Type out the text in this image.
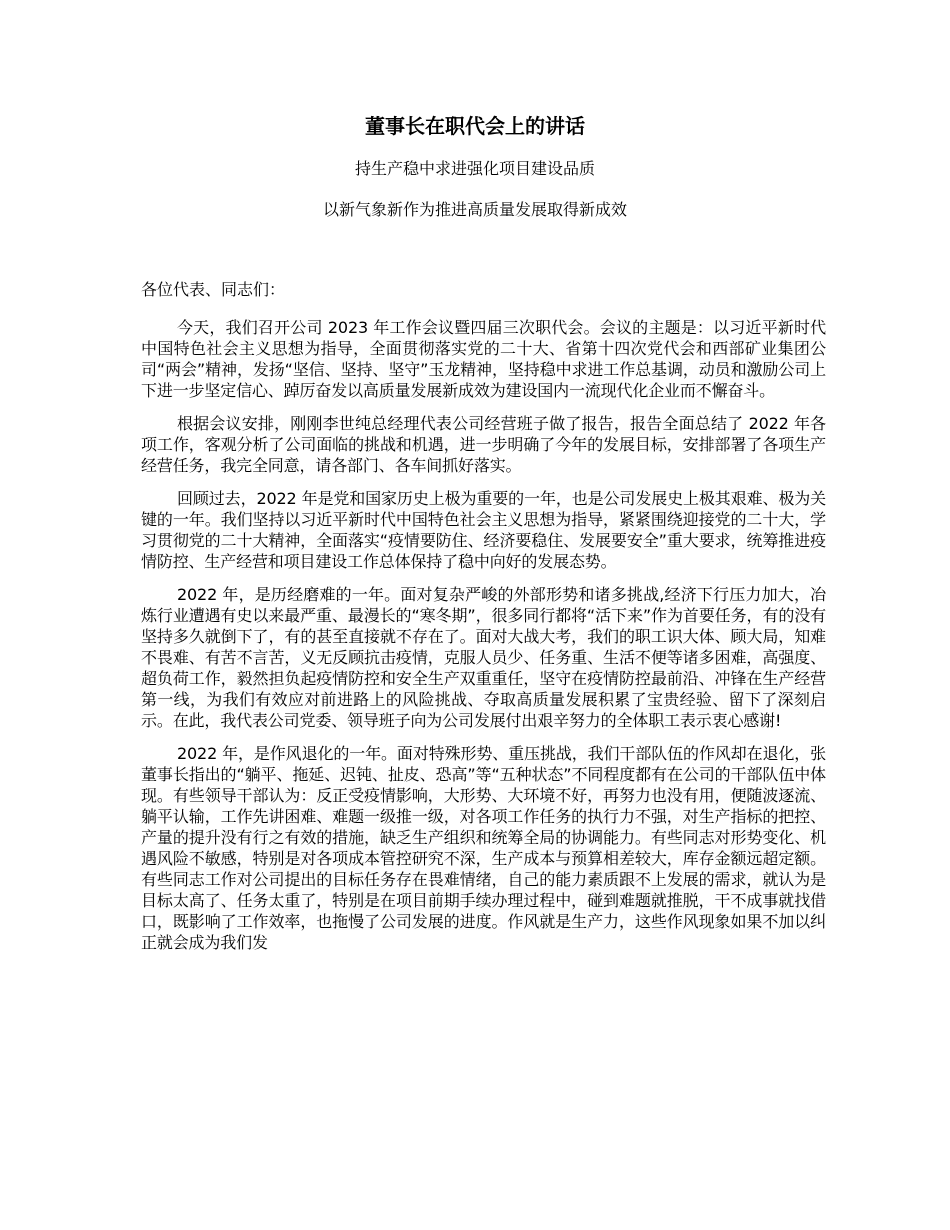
董事长在职代会上的讲话

持生产稳中求进强化项目建设品质

以新气象新作为推进高质量发展取得新成效

各位代表、同志们：

今天，我们召开公司 2023 年工作会议暨四届三次职代会。会议的主题是：以习近平新时代中国特色社会主义思想为指导，全面贯彻落实党的二十大、省第十四次党代会和西部矿业集团公司“两会”精神，发扬“坚信、坚持、坚守”玉龙精神，坚持稳中求进工作总基调，动员和激励公司上下进一步坚定信心、踔厉奋发以高质量发展新成效为建设国内一流现代化企业而不懈奋斗。

根据会议安排，刚刚李世纯总经理代表公司经营班子做了报告，报告全面总结了 2022 年各项工作，客观分析了公司面临的挑战和机遇，进一步明确了今年的发展目标，安排部署了各项生产经营任务，我完全同意，请各部门、各车间抓好落实。

回顾过去，2022 年是党和国家历史上极为重要的一年，也是公司发展史上极其艰难、极为关键的一年。我们坚持以习近平新时代中国特色社会主义思想为指导，紧紧围绕迎接党的二十大，学习贯彻党的二十大精神，全面落实“疫情要防住、经济要稳住、发展要安全”重大要求，统筹推进疫情防控、生产经营和项目建设工作总体保持了稳中向好的发展态势。

2022 年，是历经磨难的一年。面对复杂严峻的外部形势和诸多挑战,经济下行压力加大，冶炼行业遭遇有史以来最严重、最漫长的“寒冬期”，很多同行都将“活下来”作为首要任务，有的没有坚持多久就倒下了，有的甚至直接就不存在了。面对大战大考，我们的职工识大体、顾大局，知难不畏难、有苦不言苦，义无反顾抗击疫情，克服人员少、任务重、生活不便等诸多困难，高强度、超负荷工作，毅然担负起疫情防控和安全生产双重重任，坚守在疫情防控最前沿、冲锋在生产经营第一线，为我们有效应对前进路上的风险挑战、夺取高质量发展积累了宝贵经验、留下了深刻启示。在此，我代表公司党委、领导班子向为公司发展付出艰辛努力的全体职工表示衷心感谢!

2022 年，是作风退化的一年。面对特殊形势、重压挑战，我们干部队伍的作风却在退化，张董事长指出的“躺平、拖延、迟钝、扯皮、恐高”等“五种状态”不同程度都有在公司的干部队伍中体现。有些领导干部认为：反正受疫情影响，大形势、大环境不好，再努力也没有用，便随波逐流、躺平认输，工作先讲困难、难题一级推一级，对各项工作任务的执行力不强，对生产指标的把控、产量的提升没有行之有效的措施，缺乏生产组织和统筹全局的协调能力。有些同志对形势变化、机遇风险不敏感，特别是对各项成本管控研究不深，生产成本与预算相差较大，库存金额远超定额。有些同志工作对公司提出的目标任务存在畏难情绪，自己的能力素质跟不上发展的需求，就认为是目标太高了、任务太重了，特别是在项目前期手续办理过程中，碰到难题就推脱，干不成事就找借口，既影响了工作效率，也拖慢了公司发展的进度。作风就是生产力，这些作风现象如果不加以纠正就会成为我们发
